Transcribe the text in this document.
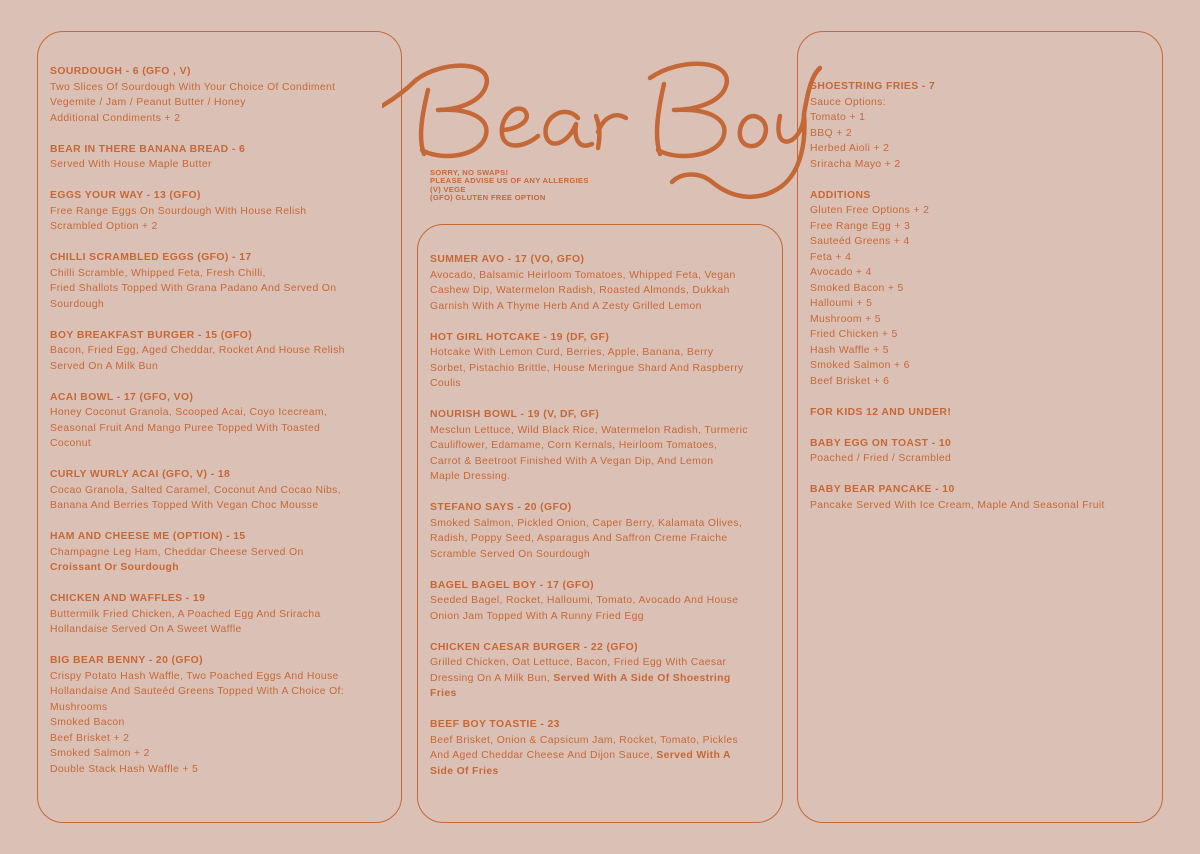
Bear Boy
SORRY, NO SWAPS!
PLEASE ADVISE US OF ANY ALLERGIES
(V) VEGE
(GFO) GLUTEN FREE OPTION
SOURDOUGH - 6 (GFO , V)
Two Slices Of Sourdough With Your Choice Of Condiment
Vegemite / Jam / Peanut Butter / Honey
Additional Condiments + 2
BEAR IN THERE BANANA BREAD - 6
Served With House Maple Butter
EGGS YOUR WAY - 13 (GFO)
Free Range Eggs On Sourdough With House Relish
Scrambled Option + 2
CHILLI SCRAMBLED EGGS (GFO) - 17
Chilli Scramble, Whipped Feta, Fresh Chilli,
Fried Shallots Topped With Grana Padano And Served On
Sourdough
BOY BREAKFAST BURGER - 15 (GFO)
Bacon, Fried Egg, Aged Cheddar, Rocket And House Relish
Served On A Milk Bun
ACAI BOWL - 17 (GFO, VO)
Honey Coconut Granola, Scooped Acai, Coyo Icecream,
Seasonal Fruit And Mango Puree Topped With Toasted
Coconut
CURLY WURLY ACAI (GFO, V) - 18
Cocao Granola, Salted Caramel, Coconut And Cocao Nibs,
Banana And Berries Topped With Vegan Choc Mousse
HAM AND CHEESE ME (OPTION) - 15
Champagne Leg Ham, Cheddar Cheese Served On
Croissant Or Sourdough
CHICKEN AND WAFFLES - 19
Buttermilk Fried Chicken, A Poached Egg And Sriracha
Hollandaise Served On A Sweet Waffle
BIG BEAR BENNY - 20 (GFO)
Crispy Potato Hash Waffle, Two Poached Eggs And House
Hollandaise And Sauteéd Greens Topped With A Choice Of:
Mushrooms
Smoked Bacon
Beef Brisket + 2
Smoked Salmon + 2
Double Stack Hash Waffle + 5
SUMMER AVO - 17 (VO, GFO)
Avocado, Balsamic Heirloom Tomatoes, Whipped Feta, Vegan
Cashew Dip, Watermelon Radish, Roasted Almonds, Dukkah
Garnish With A Thyme Herb And A Zesty Grilled Lemon
HOT GIRL HOTCAKE - 19 (DF, GF)
Hotcake With Lemon Curd, Berries, Apple, Banana, Berry
Sorbet, Pistachio Brittle, House Meringue Shard And Raspberry
Coulis
NOURISH BOWL - 19 (V, DF, GF)
Mesclun Lettuce, Wild Black Rice, Watermelon Radish, Turmeric
Cauliflower, Edamame, Corn Kernals, Heirloom Tomatoes,
Carrot & Beetroot Finished With A Vegan Dip, And Lemon
Maple Dressing.
STEFANO SAYS - 20 (GFO)
Smoked Salmon, Pickled Onion, Caper Berry, Kalamata Olives,
Radish, Poppy Seed, Asparagus And Saffron Creme Fraiche
Scramble Served On Sourdough
BAGEL BAGEL BOY - 17 (GFO)
Seeded Bagel, Rocket, Halloumi, Tomato, Avocado And House
Onion Jam Topped With A Runny Fried Egg
CHICKEN CAESAR BURGER - 22 (GFO)
Grilled Chicken, Oat Lettuce, Bacon, Fried Egg With Caesar
Dressing On A Milk Bun, Served With A Side Of Shoestring
Fries
BEEF BOY TOASTIE - 23
Beef Brisket, Onion & Capsicum Jam, Rocket, Tomato, Pickles
And Aged Cheddar Cheese And Dijon Sauce, Served With A
Side Of Fries
SHOESTRING FRIES - 7
Sauce Options:
Tomato + 1
BBQ + 2
Herbed Aioli + 2
Sriracha Mayo + 2
ADDITIONS
Gluten Free Options + 2
Free Range Egg + 3
Sauteéd Greens + 4
Feta + 4
Avocado + 4
Smoked Bacon + 5
Halloumi + 5
Mushroom + 5
Fried Chicken + 5
Hash Waffle + 5
Smoked Salmon + 6
Beef Brisket + 6
FOR KIDS 12 AND UNDER!
BABY EGG ON TOAST - 10
Poached / Fried / Scrambled
BABY BEAR PANCAKE - 10
Pancake Served With Ice Cream, Maple And Seasonal Fruit
